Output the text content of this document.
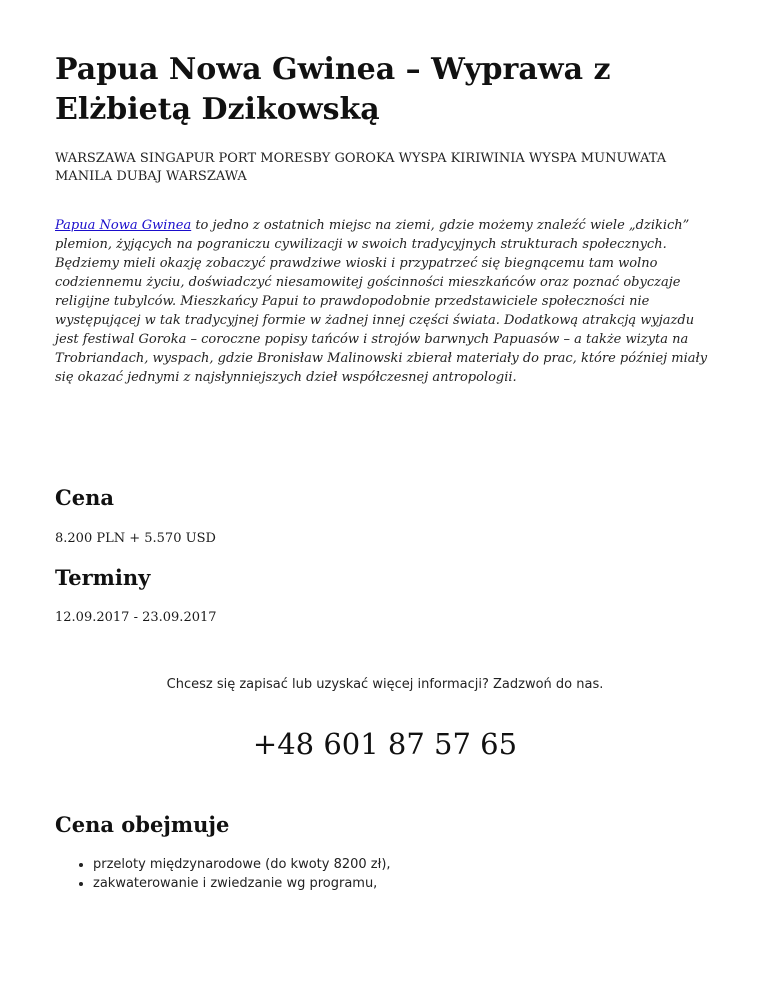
Papua Nowa Gwinea – Wyprawa z Elżbietą Dzikowską

WARSZAWA SINGAPUR PORT MORESBY GOROKA WYSPA KIRIWINIA WYSPA MUNUWATA MANILA DUBAJ WARSZAWA

Papua Nowa Gwinea to jedno z ostatnich miejsc na ziemi, gdzie możemy znaleźć wiele „dzikich” plemion, żyjących na pograniczu cywilizacji w swoich tradycyjnych strukturach społecznych. Będziemy mieli okazję zobaczyć prawdziwe wioski i przypatrzeć się biegnącemu tam wolno codziennemu życiu, doświadczyć niesamowitej gościnności mieszkańców oraz poznać obyczaje religijne tubylców. Mieszkańcy Papui to prawdopodobnie przedstawiciele społeczności nie występującej w tak tradycyjnej formie w żadnej innej części świata. Dodatkową atrakcją wyjazdu jest festiwal Goroka – coroczne popisy tańców i strojów barwnych Papuasów – a także wizyta na Trobriandach, wyspach, gdzie Bronisław Malinowski zbierał materiały do prac, które później miały się okazać jednymi z najsłynniejszych dzieł współczesnej antropologii.

Cena

8.200 PLN + 5.570 USD

Terminy

12.09.2017 - 23.09.2017

Chcesz się zapisać lub uzyskać więcej informacji? Zadzwoń do nas.

+48 601 87 57 65
Cena obejmuje
• przeloty międzynarodowe (do kwoty 8200 zł),
• zakwaterowanie i zwiedzanie wg programu,
